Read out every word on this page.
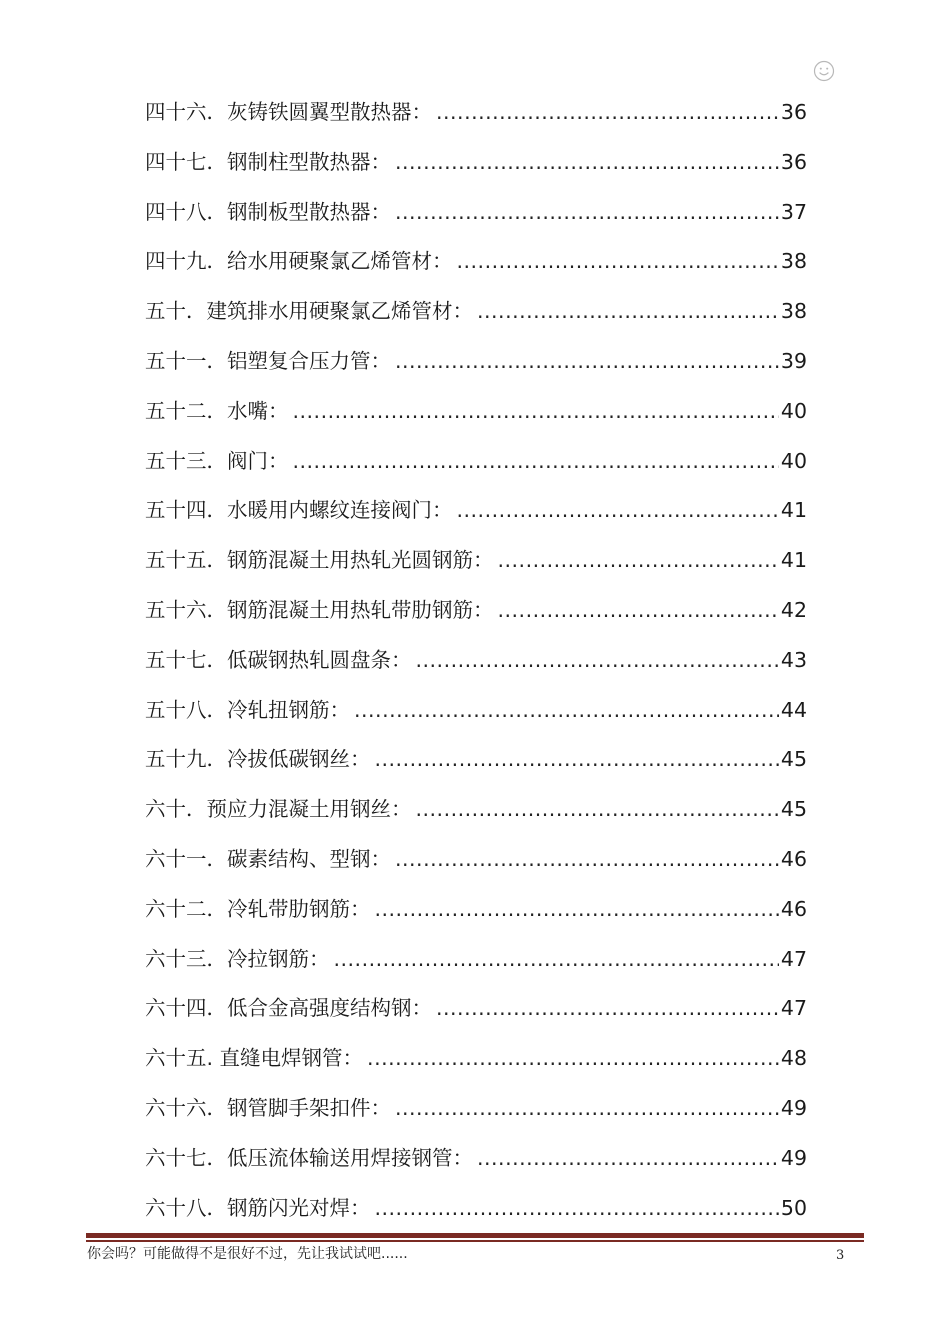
四十六．灰铸铁圆翼型散热器： .....	36
四十七．钢制柱型散热器： .....	36
四十八．钢制板型散热器： .....	37
四十九．给水用硬聚氯乙烯管材： .....	38
五十．建筑排水用硬聚氯乙烯管材： .....	38
五十一．铝塑复合压力管： .....	39
五十二．水嘴： .....	40
五十三．阀门： .....	40
五十四．水暖用内螺纹连接阀门： .....	41
五十五．钢筋混凝土用热轧光圆钢筋： .....	41
五十六．钢筋混凝土用热轧带肋钢筋： .....	42
五十七．低碳钢热轧圆盘条： .....	43
五十八．冷轧扭钢筋： .....	44
五十九．冷拔低碳钢丝： .....	45
六十．预应力混凝土用钢丝： .....	45
六十一．碳素结构、型钢： .....	46
六十二．冷轧带肋钢筋： .....	46
六十三．冷拉钢筋： .....	47
六十四．低合金高强度结构钢： .....	47
六十五. 直缝电焊钢管： .....	48
六十六．钢管脚手架扣件： .....	49
六十七．低压流体输送用焊接钢管： .....	49
六十八．钢筋闪光对焊： .....	50
你会吗？可能做得不是很好不过，先让我试试吧......	3
